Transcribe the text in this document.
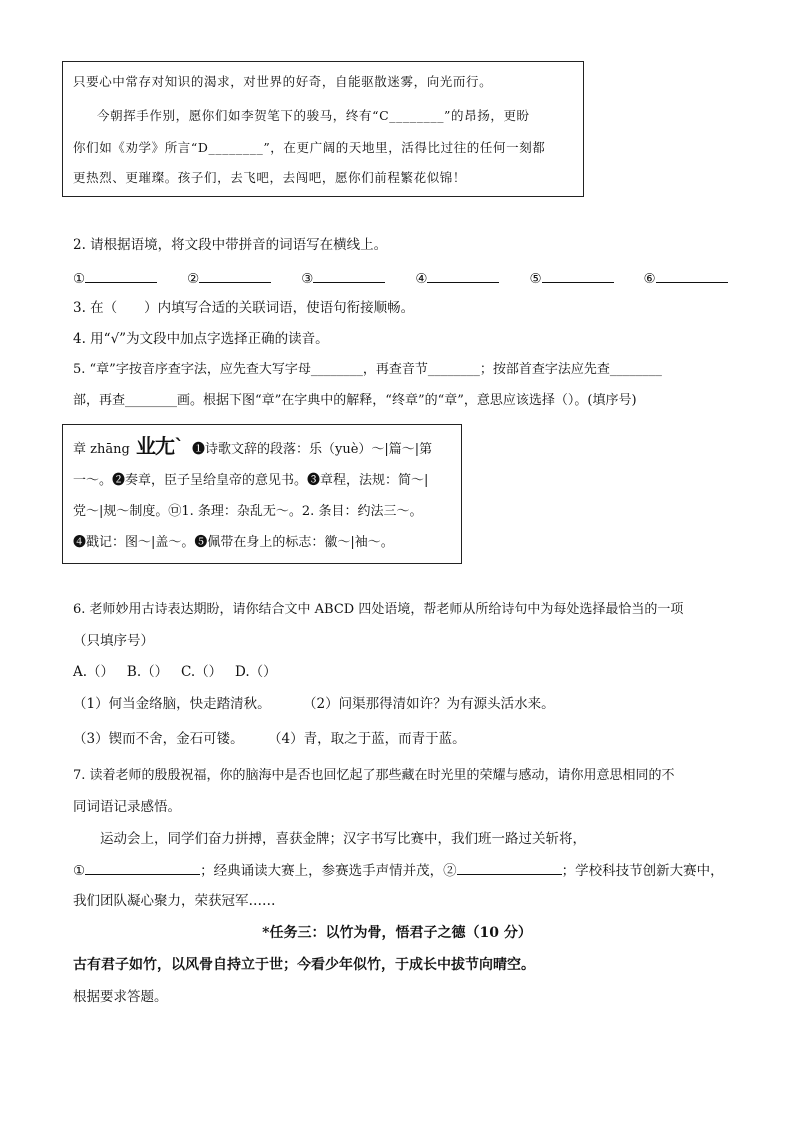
只要心中常存对知识的渴求，对世界的好奇，自能驱散迷雾，向光而行。
今朝挥手作别，愿你们如李贺笔下的骏马，终有“C________”的昂扬，更盼
你们如《劝学》所言“D________”，在更广阔的天地里，活得比过往的任何一刻都
更热烈、更璀璨。孩子们，去飞吧，去闯吧，愿你们前程繁花似锦！
2. 请根据语境，将文段中带拼音的词语写在横线上。
①	②	③	④	⑤	⑥
3. 在（　　）内填写合适的关联词语，使语句衔接顺畅。
4. 用“√”为文段中加点字选择正确的读音。
5. “章”字按音序查字法，应先查大写字母________，再查音节________；按部首查字法应先查________
部，再查________画。根据下图“章”在字典中的解释，“终章”的“章”，意思应该选择（）。(填序号)
章 zhāng 业尢ˋ ❶诗歌文辞的段落：乐（yuè）～|篇～|第
一～。❷奏章，臣子呈给皇帝的意见书。❸章程，法规：简～|
党～|规～制度。㉤1. 条理：杂乱无～。2. 条目：约法三～。
❹戳记：图～|盖～。❺佩带在身上的标志：徽～|袖～。
6. 老师妙用古诗表达期盼，请你结合文中 ABCD 四处语境，帮老师从所给诗句中为每处选择最恰当的一项
（只填序号）
A.（）   B.（）   C.（）   D.（）
（1）何当金络脑，快走踏清秋。 （2）问渠那得清如许？为有源头活水来。
（3）锲而不舍，金石可镂。 （4）青，取之于蓝，而青于蓝。
7. 读着老师的殷殷祝福，你的脑海中是否也回忆起了那些藏在时光里的荣耀与感动，请你用意思相同的不
同词语记录感悟。
运动会上，同学们奋力拼搏，喜获金牌；汉字书写比赛中，我们班一路过关斩将，
①	；经典诵读大赛上，参赛选手声情并茂，②	；学校科技节创新大赛中，
我们团队凝心聚力，荣获冠军……
*任务三：以竹为骨，悟君子之德（10 分）
古有君子如竹，以风骨自持立于世；今看少年似竹，于成长中拔节向晴空。
根据要求答题。
